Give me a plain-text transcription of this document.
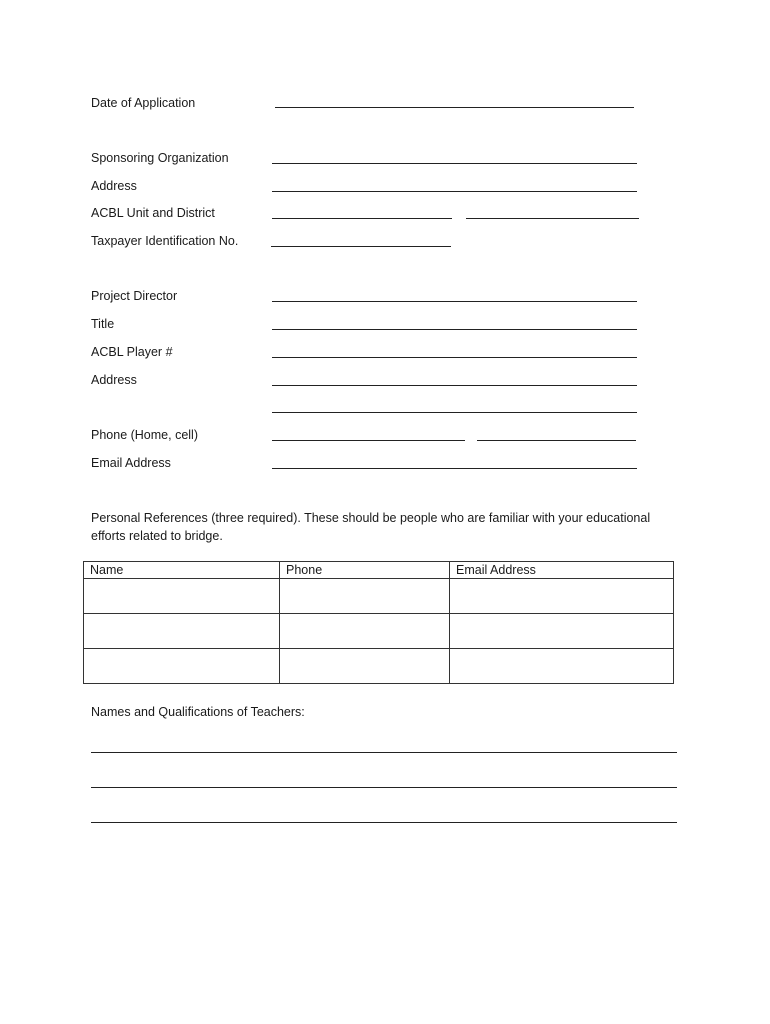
Date of Application
Sponsoring Organization
Address
ACBL Unit and District
Taxpayer Identification No.
Project Director
Title
ACBL Player #
Address
Phone (Home, cell)
Email Address
Personal References (three required). These should be people who are familiar with your educational efforts related to bridge.
Name	Phone	Email Address

Names and Qualifications of Teachers:
